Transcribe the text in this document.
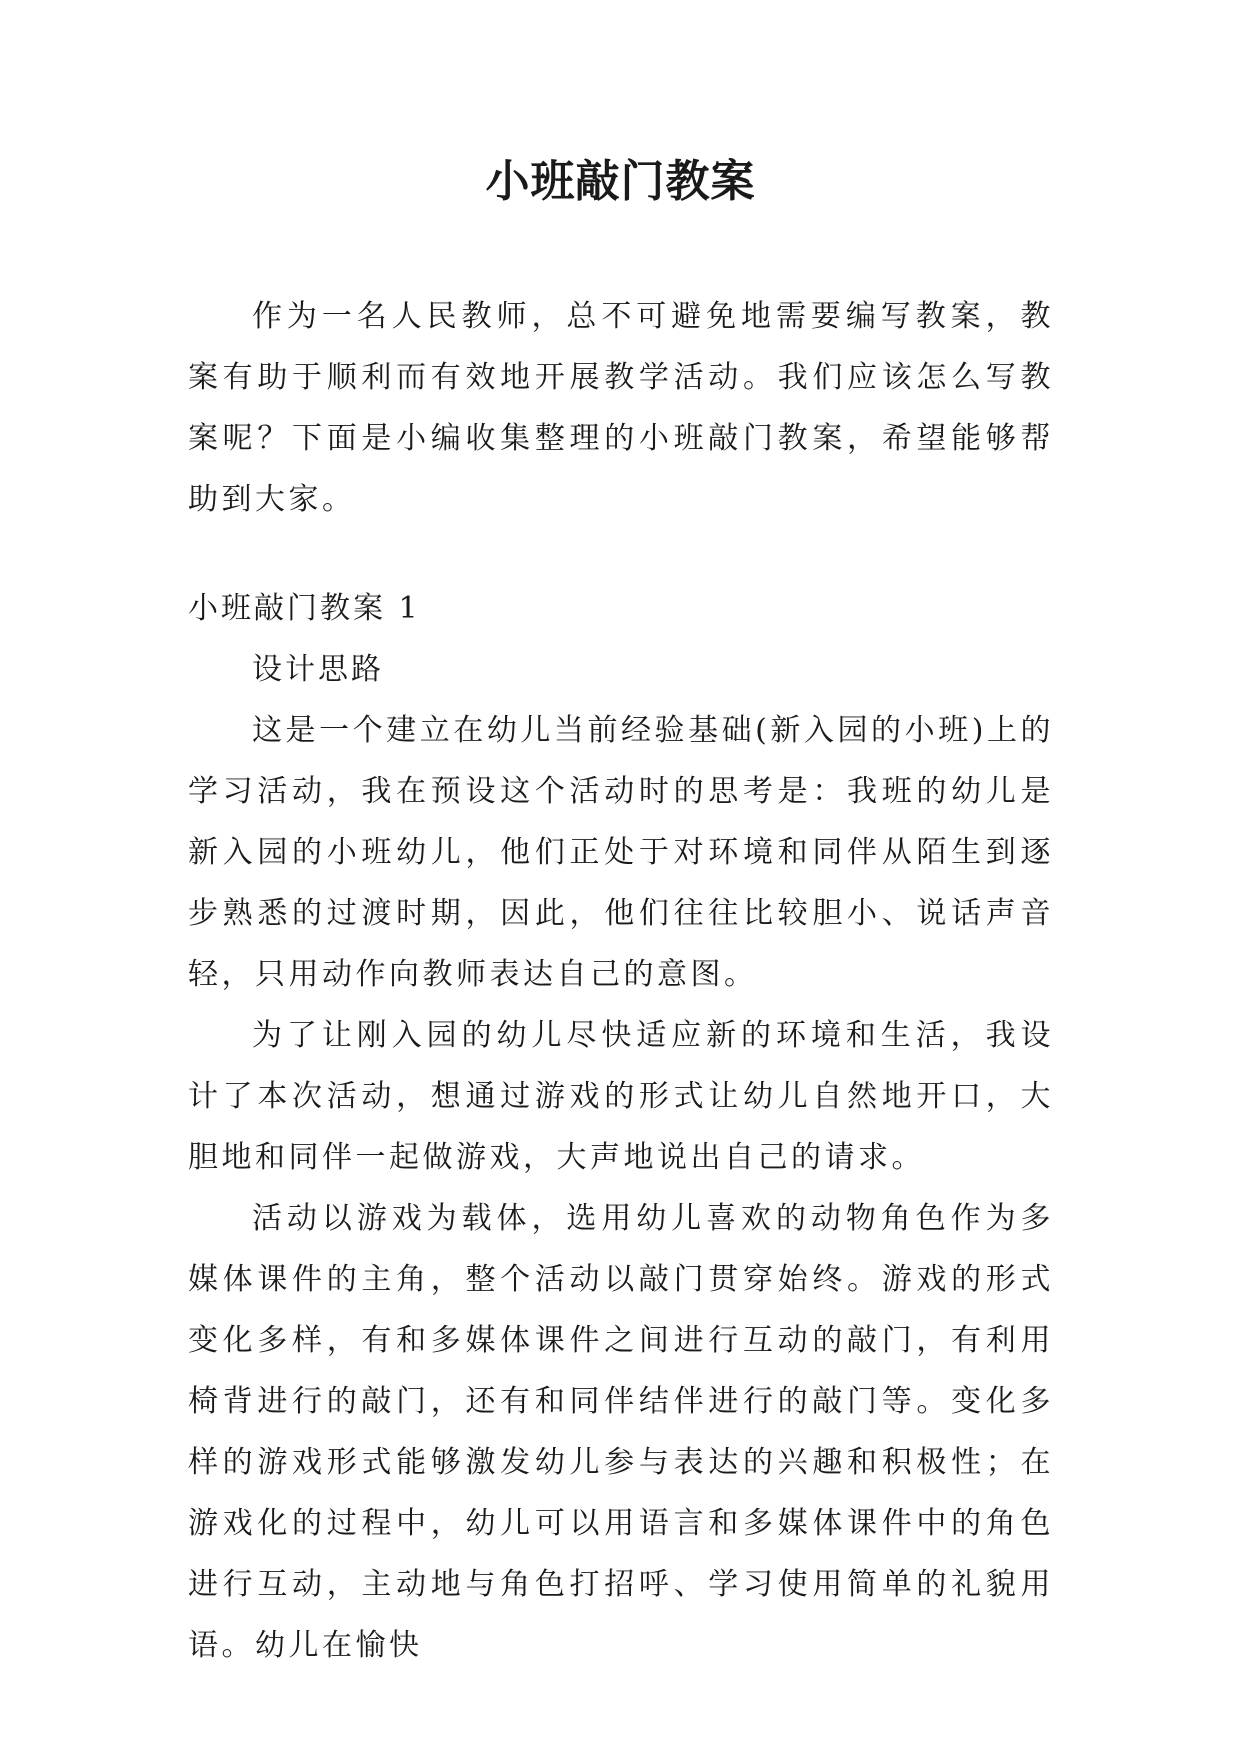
小班敲门教案

作为一名人民教师，总不可避免地需要编写教案，教案有助于顺利而有效地开展教学活动。我们应该怎么写教案呢？下面是小编收集整理的小班敲门教案，希望能够帮助到大家。

小班敲门教案 1

设计思路

这是一个建立在幼儿当前经验基础(新入园的小班)上的学习活动，我在预设这个活动时的思考是：我班的幼儿是新入园的小班幼儿，他们正处于对环境和同伴从陌生到逐步熟悉的过渡时期，因此，他们往往比较胆小、说话声音轻，只用动作向教师表达自己的意图。

为了让刚入园的幼儿尽快适应新的环境和生活，我设计了本次活动，想通过游戏的形式让幼儿自然地开口，大胆地和同伴一起做游戏，大声地说出自己的请求。

活动以游戏为载体，选用幼儿喜欢的动物角色作为多媒体课件的主角，整个活动以敲门贯穿始终。游戏的形式变化多样，有和多媒体课件之间进行互动的敲门，有利用椅背进行的敲门，还有和同伴结伴进行的敲门等。变化多样的游戏形式能够激发幼儿参与表达的兴趣和积极性；在游戏化的过程中，幼儿可以用语言和多媒体课件中的角色进行互动，主动地与角色打招呼、学习使用简单的礼貌用语。幼儿在愉快
